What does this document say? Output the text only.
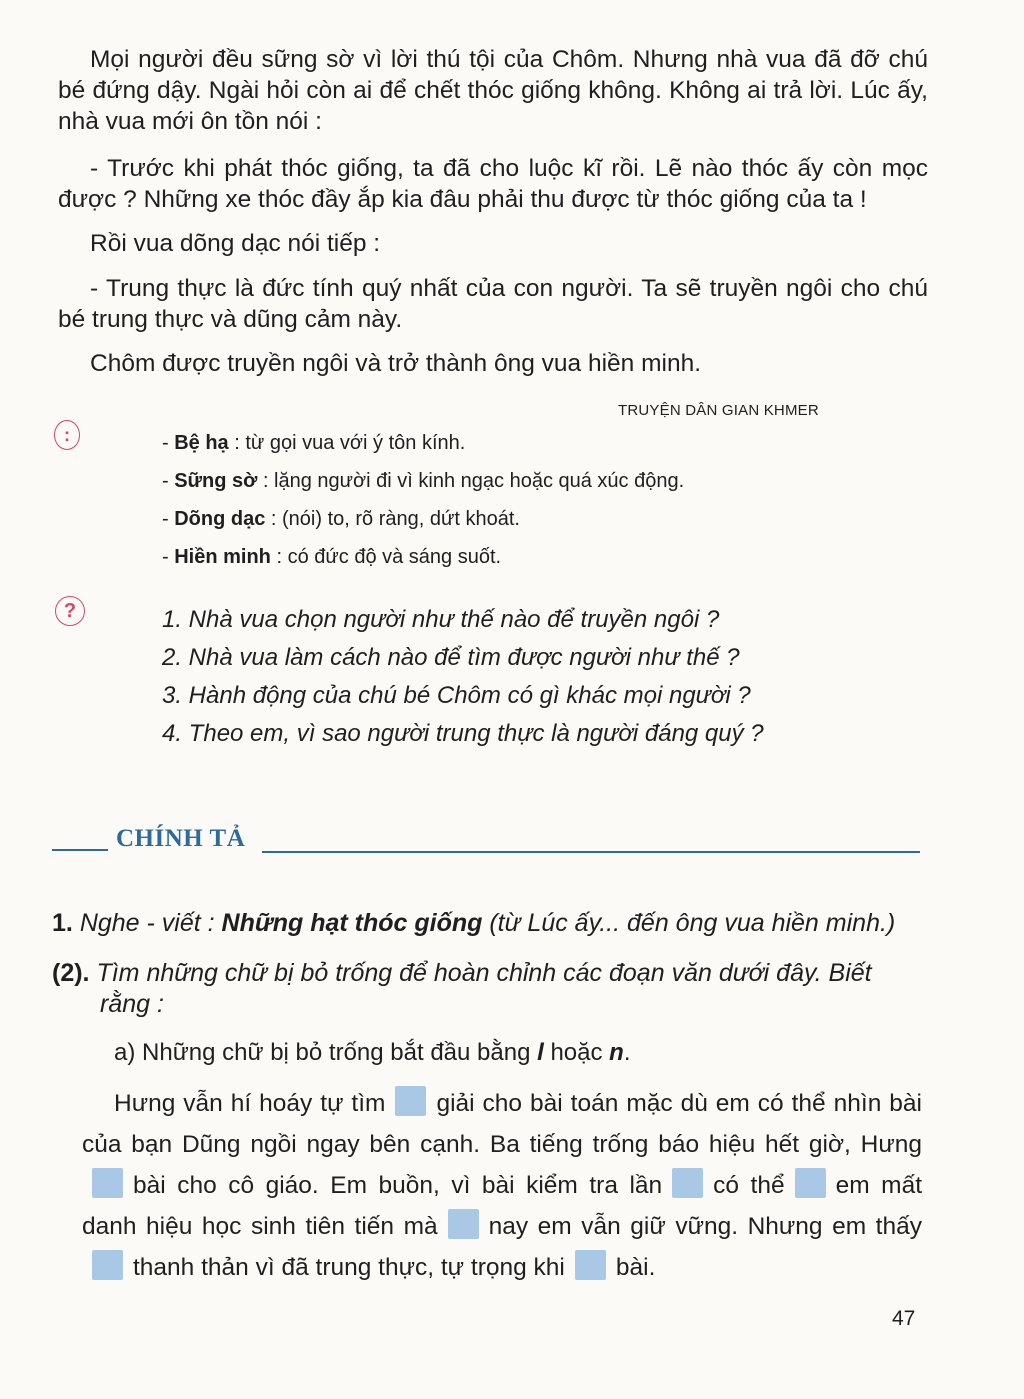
Mọi người đều sững sờ vì lời thú tội của Chôm. Nhưng nhà vua đã đỡ chú bé đứng dậy. Ngài hỏi còn ai để chết thóc giống không. Không ai trả lời. Lúc ấy, nhà vua mới ôn tồn nói :

- Trước khi phát thóc giống, ta đã cho luộc kĩ rồi. Lẽ nào thóc ấy còn mọc được ? Những xe thóc đầy ắp kia đâu phải thu được từ thóc giống của ta !

Rồi vua dõng dạc nói tiếp :

- Trung thực là đức tính quý nhất của con người. Ta sẽ truyền ngôi cho chú bé trung thực và dũng cảm này.

Chôm được truyền ngôi và trở thành ông vua hiền minh.

TRUYỆN DÂN GIAN KHMER
:	- Bệ hạ : từ gọi vua với ý tôn kính.
- Sững sờ : lặng người đi vì kinh ngạc hoặc quá xúc động.
- Dõng dạc : (nói) to, rõ ràng, dứt khoát.
- Hiền minh : có đức độ và sáng suốt.
?	1. Nhà vua chọn người như thế nào để truyền ngôi ?
2. Nhà vua làm cách nào để tìm được người như thế ?
3. Hành động của chú bé Chôm có gì khác mọi người ?
4. Theo em, vì sao người trung thực là người đáng quý ?
CHÍNH TẢ
1. Nghe - viết : Những hạt thóc giống (từ Lúc ấy... đến ông vua hiền minh.)
(2). Tìm những chữ bị bỏ trống để hoàn chỉnh các đoạn văn dưới đây. Biết rằng :
a) Những chữ bị bỏ trống bắt đầu bằng l hoặc n.

Hưng vẫn hí hoáy tự tìm giải cho bài toán mặc dù em có thể nhìn bài của bạn Dũng ngồi ngay bên cạnh. Ba tiếng trống báo hiệu hết giờ, Hưngbài cho cô giáo. Em buồn, vì bài kiểm tra lần có thể em mất danh hiệu học sinh tiên tiến mà nay em vẫn giữ vững. Nhưng em thấythanh thản vì đã trung thực, tự trọng khi bài.

47
